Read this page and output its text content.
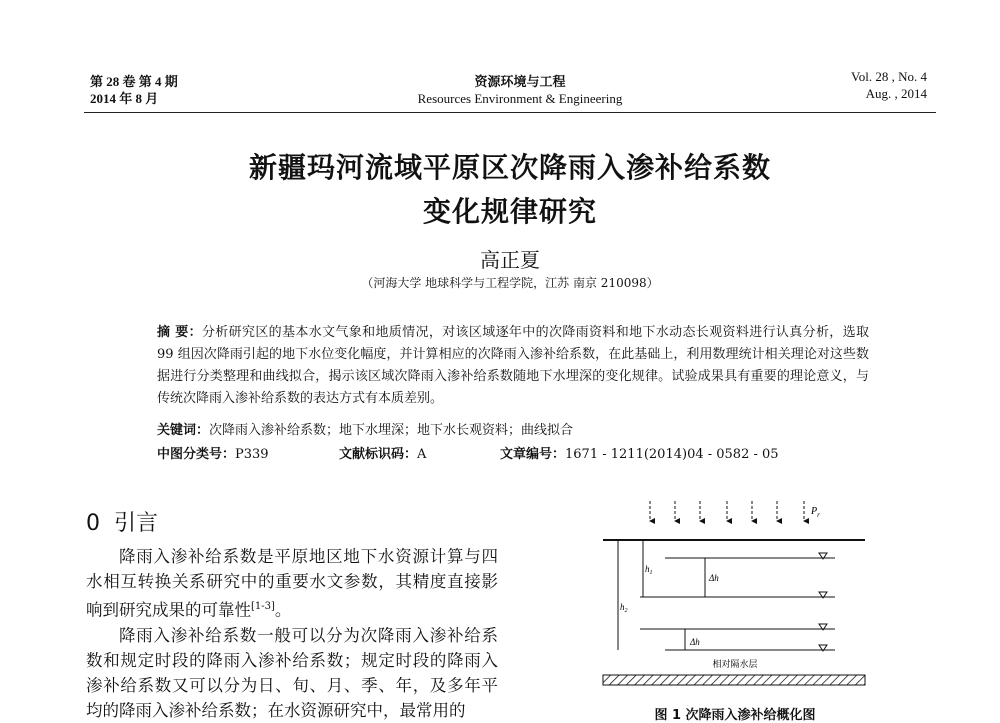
第 28 卷 第 4 期
2014 年 8 月
资源环境与工程
Resources Environment & Engineering
Vol. 28 , No. 4
Aug. , 2014
新疆玛河流域平原区次降雨入渗补给系数
变化规律研究
高正夏
（河海大学 地球科学与工程学院，江苏 南京 210098）
摘 要：分析研究区的基本水文气象和地质情况，对该区域逐年中的次降雨资料和地下水动态长观资料进行认真分析，选取 99 组因次降雨引起的地下水位变化幅度，并计算相应的次降雨入渗补给系数，在此基础上，利用数理统计相关理论对这些数据进行分类整理和曲线拟合，揭示该区域次降雨入渗补给系数随地下水埋深的变化规律。试验成果具有重要的理论意义，与传统次降雨入渗补给系数的表达方式有本质差别。
关键词：次降雨入渗补给系数；地下水埋深；地下水长观资料；曲线拟合
中图分类号：P339	文献标识码：A	文章编号：1671 - 1211(2014)04 - 0582 - 05
0 引言

降雨入渗补给系数是平原地区地下水资源计算与四水相互转换关系研究中的重要水文参数，其精度直接影响到研究成果的可靠性[1-3]。

降雨入渗补给系数一般可以分为次降雨入渗补给系数和规定时段的降雨入渗补给系数；规定时段的降雨入渗补给系数又可以分为日、旬、月、季、年，及多年平均的降雨入渗补给系数；在水资源研究中，最常用的

$P_r$
$h_1$
$h_2$
Δh
Δh
相对隔水层
图 1 次降雨入渗补给概化图
